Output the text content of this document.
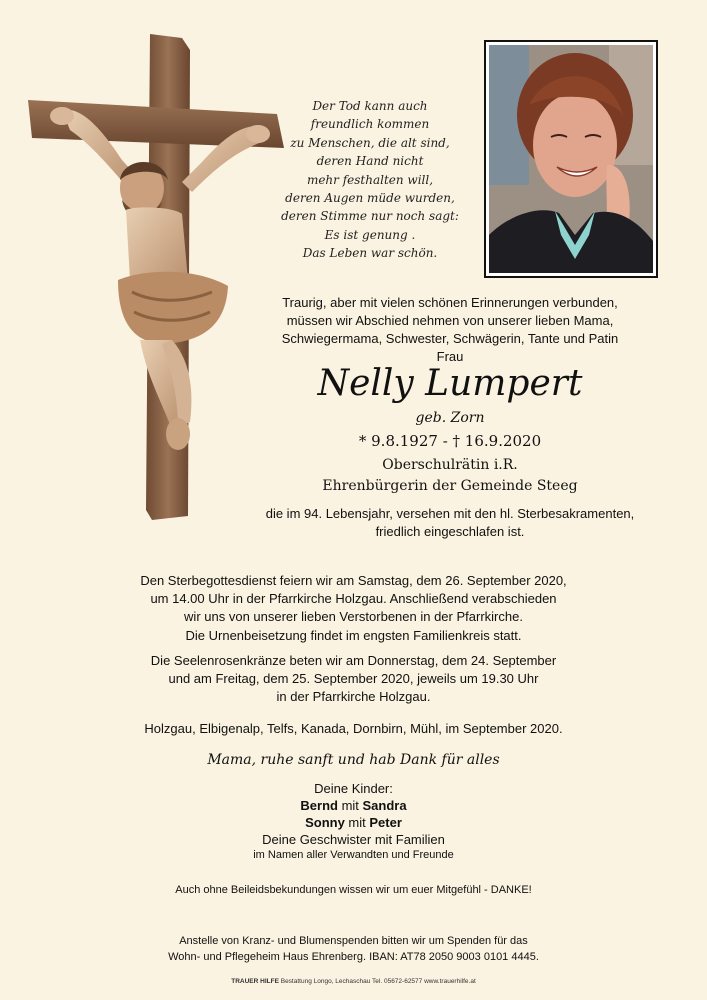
Der Tod kann auch
freundlich kommen
zu Menschen, die alt sind,
deren Hand nicht
mehr festhalten will,
deren Augen müde wurden,
deren Stimme nur noch sagt:
Es ist genung .
Das Leben war schön.
Traurig, aber mit vielen schönen Erinnerungen verbunden,
müssen wir Abschied nehmen von unserer lieben Mama,
Schwiegermama, Schwester, Schwägerin, Tante und Patin
Frau
Nelly Lumpert
geb. Zorn
* 9.8.1927 - † 16.9.2020
Oberschulrätin i.R.
Ehrenbürgerin der Gemeinde Steeg
die im 94. Lebensjahr, versehen mit den hl. Sterbesakramenten,
friedlich eingeschlafen ist.
Den Sterbegottesdienst feiern wir am Samstag, dem 26. September 2020,
um 14.00 Uhr in der Pfarrkirche Holzgau. Anschließend verabschieden
wir uns von unserer lieben Verstorbenen in der Pfarrkirche.
Die Urnenbeisetzung findet im engsten Familienkreis statt.
Die Seelenrosenkränze beten wir am Donnerstag, dem 24. September
und am Freitag, dem 25. September 2020, jeweils um 19.30 Uhr
in der Pfarrkirche Holzgau.
Holzgau, Elbigenalp, Telfs, Kanada, Dornbirn, Mühl, im September 2020.
Mama, ruhe sanft und hab Dank für alles
Deine Kinder:
Bernd mit Sandra
Sonny mit Peter
Deine Geschwister mit Familien
im Namen aller Verwandten und Freunde
Auch ohne Beileidsbekundungen wissen wir um euer Mitgefühl - DANKE!
Anstelle von Kranz- und Blumenspenden bitten wir um Spenden für das
Wohn- und Pflegeheim Haus Ehrenberg. IBAN: AT78 2050 9003 0101 4445.
TRAUER HILFE Bestattung Longo, Lechaschau Tel. 05672-62577 www.trauerhilfe.at
